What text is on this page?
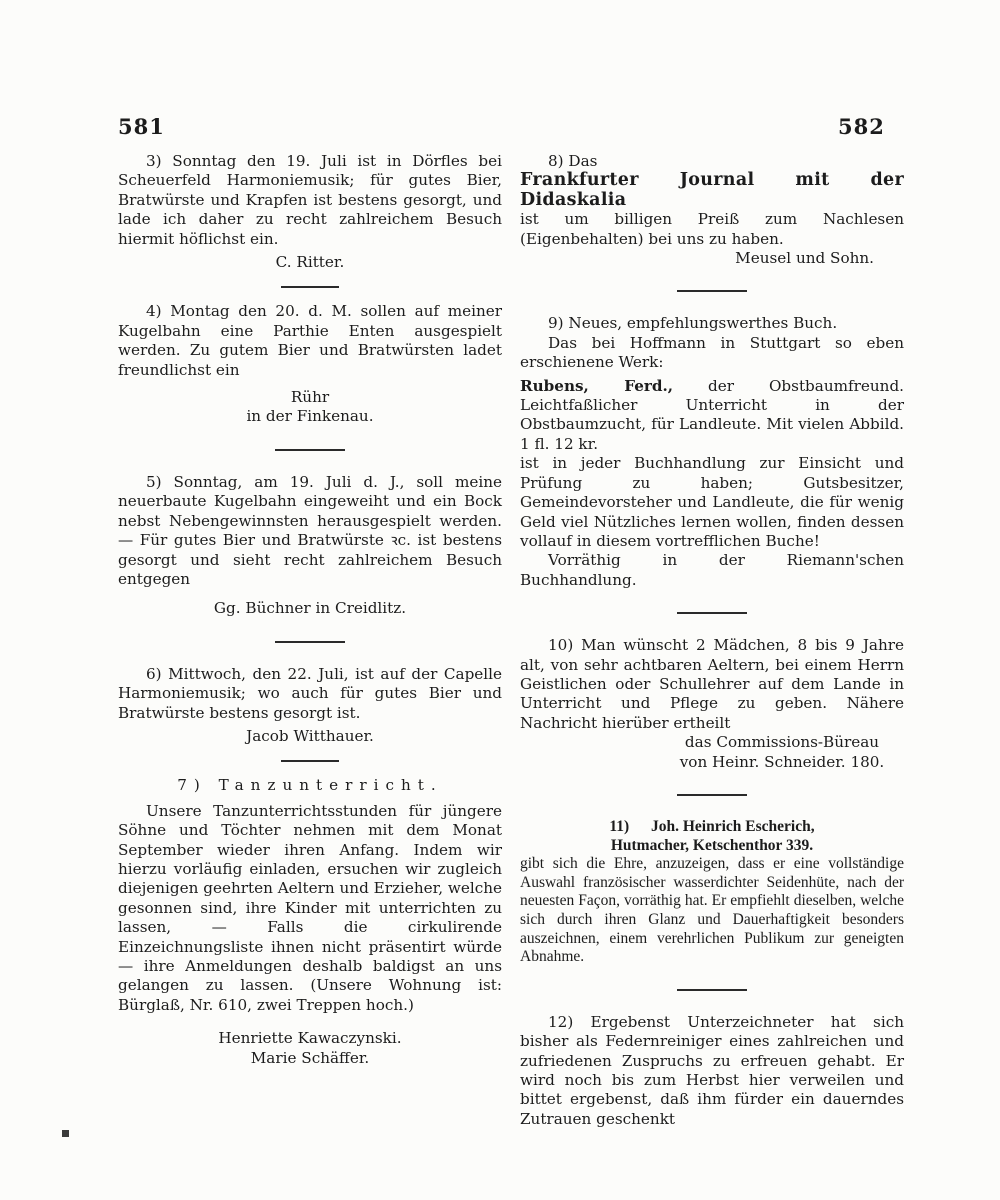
581	582

3) Sonntag den 19. Juli ist in Dörfles bei Scheuerfeld Harmoniemusik; für gutes Bier, Bratwürste und Krapfen ist bestens gesorgt, und lade ich daher zu recht zahlreichem Besuch hiermit höflichst ein.

C. Ritter.

4) Montag den 20. d. M. sollen auf meiner Kugelbahn eine Parthie Enten ausgespielt werden. Zu gutem Bier und Bratwürsten ladet freundlichst ein

Rühr
in der Finkenau.

5) Sonntag, am 19. Juli d. J., soll meine neuerbaute Kugelbahn eingeweiht und ein Bock nebst Nebengewinnsten herausgespielt werden. — Für gutes Bier und Bratwürste ꝛc. ist bestens gesorgt und sieht recht zahlreichem Besuch entgegen

Gg. Büchner in Creidlitz.

6) Mittwoch, den 22. Juli, ist auf der Capelle Harmoniemusik; wo auch für gutes Bier und Bratwürste bestens gesorgt ist.

Jacob Witthauer.
7) Tanzunterricht.

Unsere Tanzunterrichtsstunden für jüngere Söhne und Töchter nehmen mit dem Monat September wieder ihren Anfang. Indem wir hierzu vorläufig einladen, ersuchen wir zugleich diejenigen geehrten Aeltern und Erzieher, welche gesonnen sind, ihre Kinder mit unterrichten zu lassen, — Falls die cirkulirende Einzeichnungsliste ihnen nicht präsentirt würde — ihre Anmeldungen deshalb baldigst an uns gelangen zu lassen. (Unsere Wohnung ist: Bürglaß, Nr. 610, zwei Treppen hoch.)

Henriette Kawaczynski.
Marie Schäffer.

8) Das

Frankfurter Journal mit der Didaskalia

ist um billigen Preiß zum Nachlesen (Eigenbehalten) bei uns zu haben.

Meusel und Sohn.

9) Neues, empfehlungswerthes Buch.

Das bei Hoffmann in Stuttgart so eben erschienene Werk:

Rubens, Ferd., der Obstbaumfreund. Leichtfaßlicher Unterricht in der Obstbaumzucht, für Landleute. Mit vielen Abbild. 1 fl. 12 kr.

ist in jeder Buchhandlung zur Einsicht und Prüfung zu haben; Gutsbesitzer, Gemeindevorsteher und Landleute, die für wenig Geld viel Nützliches lernen wollen, finden dessen vollauf in diesem vortrefflichen Buche!

Vorräthig in der Riemann'schen Buchhandlung.

10) Man wünscht 2 Mädchen, 8 bis 9 Jahre alt, von sehr achtbaren Aeltern, bei einem Herrn Geistlichen oder Schullehrer auf dem Lande in Unterricht und Pflege zu geben. Nähere Nachricht hierüber ertheilt

das Commissions-Büreau
von Heinr. Schneider. 180.
11) Joh. Heinrich Escherich,
Hutmacher, Ketschenthor 339.

gibt sich die Ehre, anzuzeigen, dass er eine vollständige Auswahl französischer wasserdichter Seidenhüte, nach der neuesten Façon, vorräthig hat. Er empfiehlt dieselben, welche sich durch ihren Glanz und Dauerhaftigkeit besonders auszeichnen, einem verehrlichen Publikum zur geneigten Abnahme.

12) Ergebenst Unterzeichneter hat sich bisher als Federnreiniger eines zahlreichen und zufriedenen Zuspruchs zu erfreuen gehabt. Er wird noch bis zum Herbst hier verweilen und bittet ergebenst, daß ihm fürder ein dauerndes Zutrauen geschenkt
